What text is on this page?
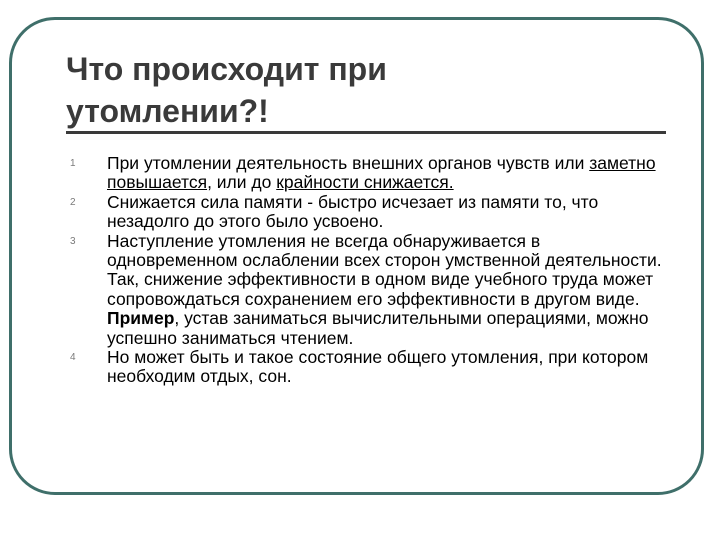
Что происходит при
утомлении?!
1 При утомлении деятельность внешних органов чувств или заметно повышается, или до крайности снижается.
2 Снижается сила памяти - быстро исчезает из памяти то, что незадолго до этого было усвоено.
3 Наступление утомления не всегда обнаруживается в одновременном ослаблении всех сторон умственной деятельности. Так, снижение эффективности в одном виде учебного труда может сопровождаться сохранением его эффективности в другом виде. Пример, устав заниматься вычислительными операциями, можно успешно заниматься чтением.
4 Но может быть и такое состояние общего утомления, при котором необходим отдых, сон.
